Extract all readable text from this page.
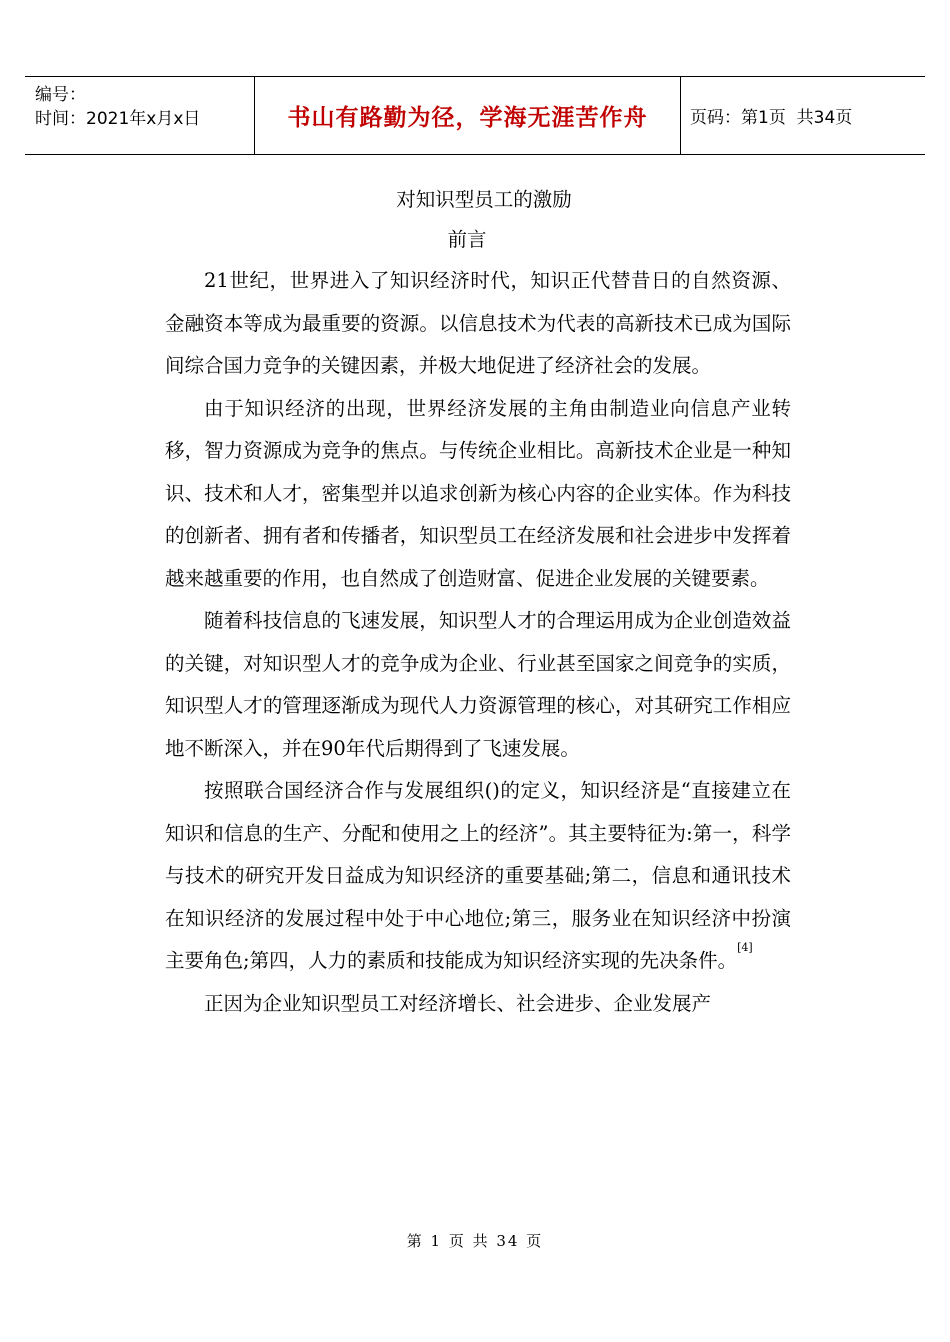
编号：
时间：2021年x月x日	书山有路勤为径，学海无涯苦作舟	页码：第1页  共34页
对知识型员工的激励
前言

21世纪，世界进入了知识经济时代，知识正代替昔日的自然资源、金融资本等成为最重要的资源。以信息技术为代表的高新技术已成为国际间综合国力竞争的关键因素，并极大地促进了经济社会的发展。

由于知识经济的出现，世界经济发展的主角由制造业向信息产业转移，智力资源成为竞争的焦点。与传统企业相比。高新技术企业是一种知识、技术和人才，密集型并以追求创新为核心内容的企业实体。作为科技的创新者、拥有者和传播者，知识型员工在经济发展和社会进步中发挥着越来越重要的作用，也自然成了创造财富、促进企业发展的关键要素。

随着科技信息的飞速发展，知识型人才的合理运用成为企业创造效益的关键，对知识型人才的竞争成为企业、行业甚至国家之间竞争的实质，知识型人才的管理逐渐成为现代人力资源管理的核心，对其研究工作相应地不断深入，并在90年代后期得到了飞速发展。

按照联合国经济合作与发展组织()的定义，知识经济是“直接建立在知识和信息的生产、分配和使用之上的经济”。其主要特征为:第一，科学与技术的研究开发日益成为知识经济的重要基础;第二，信息和通讯技术在知识经济的发展过程中处于中心地位;第三，服务业在知识经济中扮演主要角色;第四，人力的素质和技能成为知识经济实现的先决条件。[4]

正因为企业知识型员工对经济增长、社会进步、企业发展产

第 1 页 共 34 页
